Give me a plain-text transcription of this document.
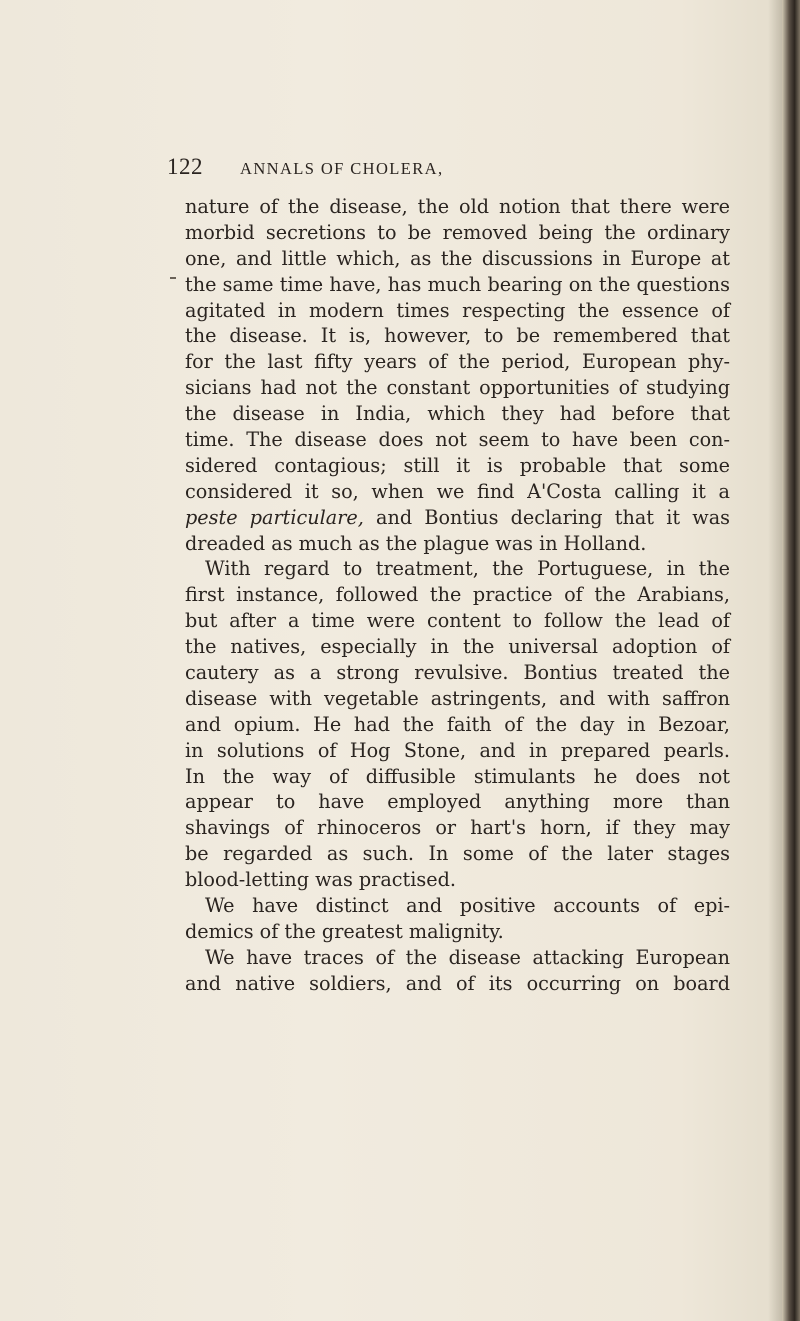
122 ANNALS OF CHOLERA,
nature of the disease, the old notion that there were
morbid secretions to be removed being the ordinary
one, and little which, as the discussions in Europe at
the same time have, has much bearing on the questions
agitated in modern times respecting the essence of
the disease. It is, however, to be remembered that
for the last fifty years of the period, European phy-
sicians had not the constant opportunities of studying
the disease in India, which they had before that
time. The disease does not seem to have been con-
sidered contagious; still it is probable that some
considered it so, when we find A'Costa calling it a
peste particulare, and Bontius declaring that it was
dreaded as much as the plague was in Holland.
With regard to treatment, the Portuguese, in the
first instance, followed the practice of the Arabians,
but after a time were content to follow the lead of
the natives, especially in the universal adoption of
cautery as a strong revulsive. Bontius treated the
disease with vegetable astringents, and with saffron
and opium. He had the faith of the day in Bezoar,
in solutions of Hog Stone, and in prepared pearls.
In the way of diffusible stimulants he does not
appear to have employed anything more than
shavings of rhinoceros or hart's horn, if they may
be regarded as such. In some of the later stages
blood-letting was practised.
We have distinct and positive accounts of epi-
demics of the greatest malignity.
We have traces of the disease attacking European
and native soldiers, and of its occurring on board
